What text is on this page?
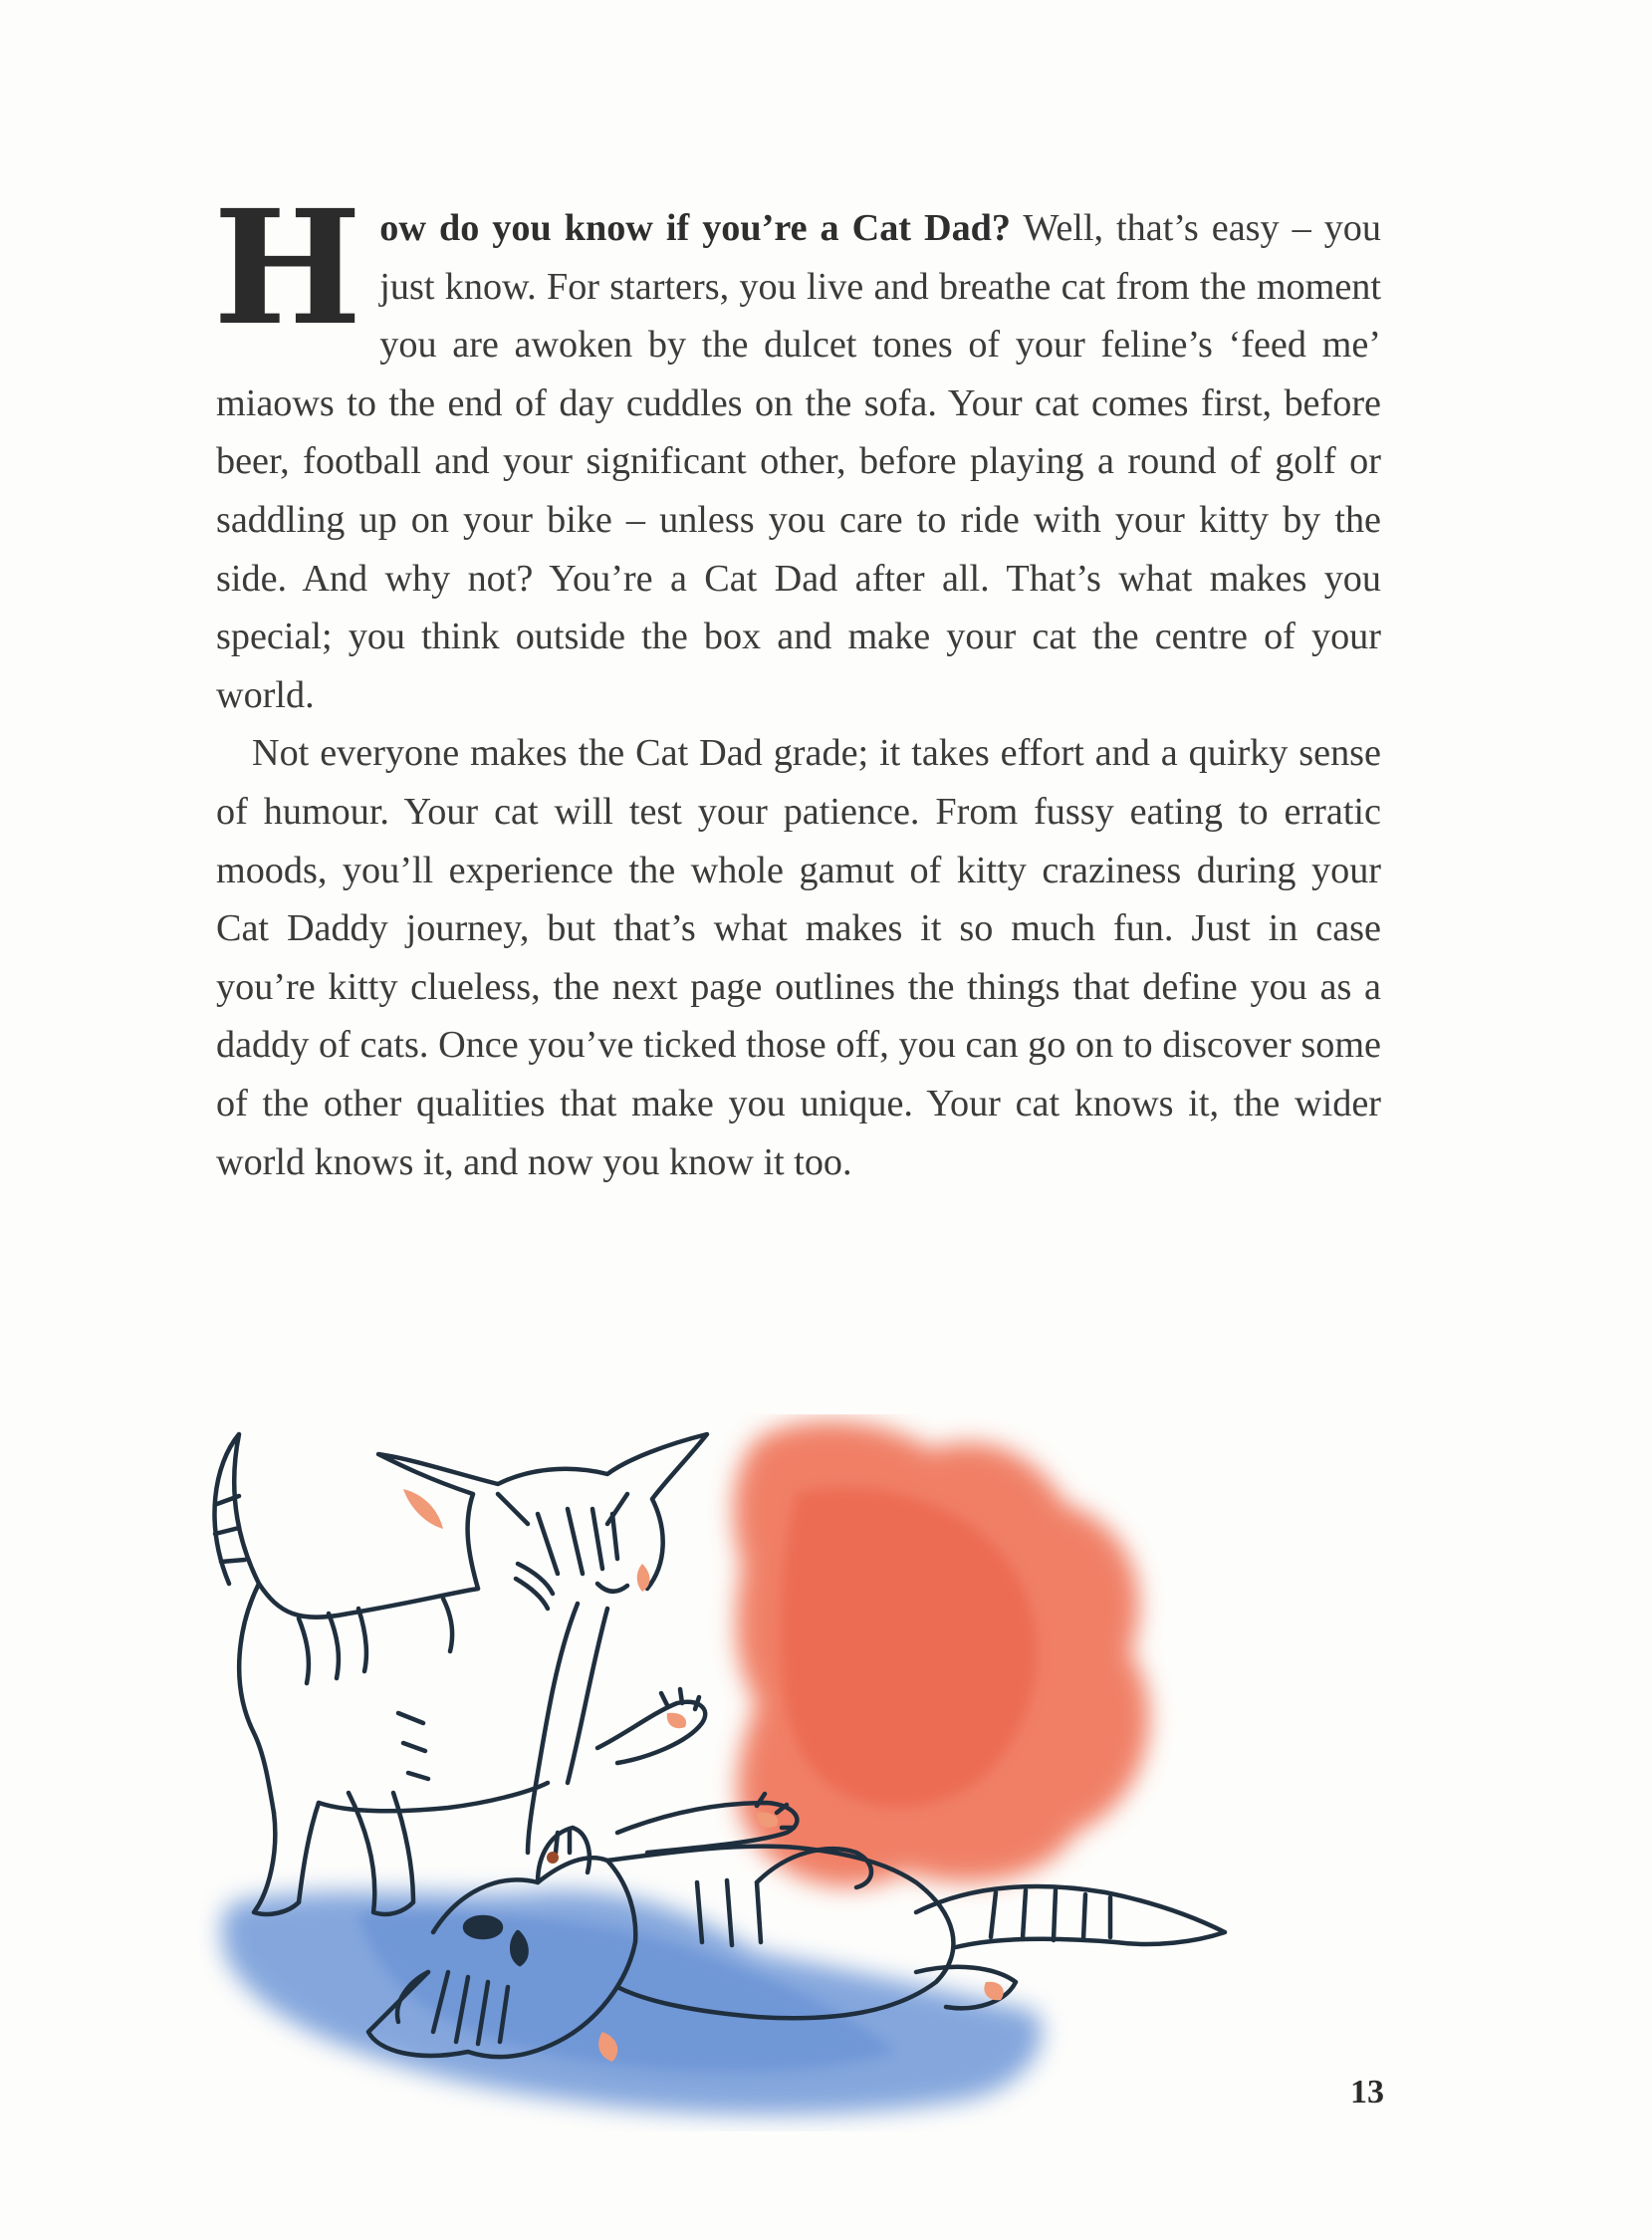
How do you know if you’re a Cat Dad? Well, that’s easy – you just know. For starters, you live and breathe cat from the moment you are awoken by the dulcet tones of your feline’s ‘feed me’ miaows to the end of day cuddles on the sofa. Your cat comes first, before beer, football and your significant other, before playing a round of golf or saddling up on your bike – unless you care to ride with your kitty by the side. And why not? You’re a Cat Dad after all. That’s what makes you special; you think outside the box and make your cat the centre of your world.

Not everyone makes the Cat Dad grade; it takes effort and a quirky sense of humour. Your cat will test your patience. From fussy eating to erratic moods, you’ll experience the whole gamut of kitty craziness during your Cat Daddy journey, but that’s what makes it so much fun. Just in case you’re kitty clueless, the next page outlines the things that define you as a daddy of cats. Once you’ve ticked those off, you can go on to discover some of the other qualities that make you unique. Your cat knows it, the wider world knows it, and now you know it too.

13
